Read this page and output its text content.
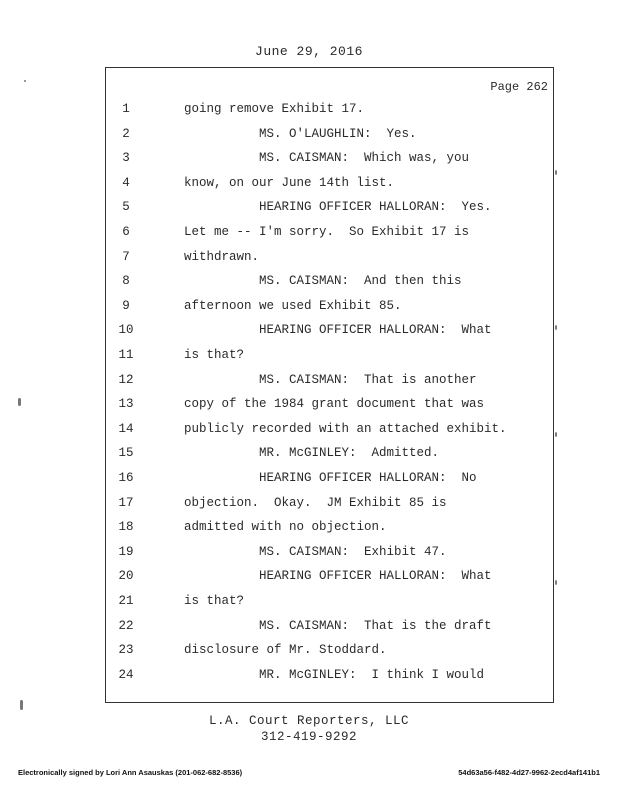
June 29, 2016
Page 262
1	going remove Exhibit 17.
2	MS. O'LAUGHLIN:  Yes.
3	MS. CAISMAN:  Which was, you
4	know, on our June 14th list.
5	HEARING OFFICER HALLORAN:  Yes.
6	Let me -- I'm sorry.  So Exhibit 17 is
7	withdrawn.
8	MS. CAISMAN:  And then this
9	afternoon we used Exhibit 85.
10	HEARING OFFICER HALLORAN:  What
11	is that?
12	MS. CAISMAN:  That is another
13	copy of the 1984 grant document that was
14	publicly recorded with an attached exhibit.
15	MR. McGINLEY:  Admitted.
16	HEARING OFFICER HALLORAN:  No
17	objection.  Okay.  JM Exhibit 85 is
18	admitted with no objection.
19	MS. CAISMAN:  Exhibit 47.
20	HEARING OFFICER HALLORAN:  What
21	is that?
22	MS. CAISMAN:  That is the draft
23	disclosure of Mr. Stoddard.
24	MR. McGINLEY:  I think I would
L.A. Court Reporters, LLC
312-419-9292
Electronically signed by Lori Ann Asauskas (201-062-682-8536)	54d63a56-f482-4d27-9962-2ecd4af141b1
